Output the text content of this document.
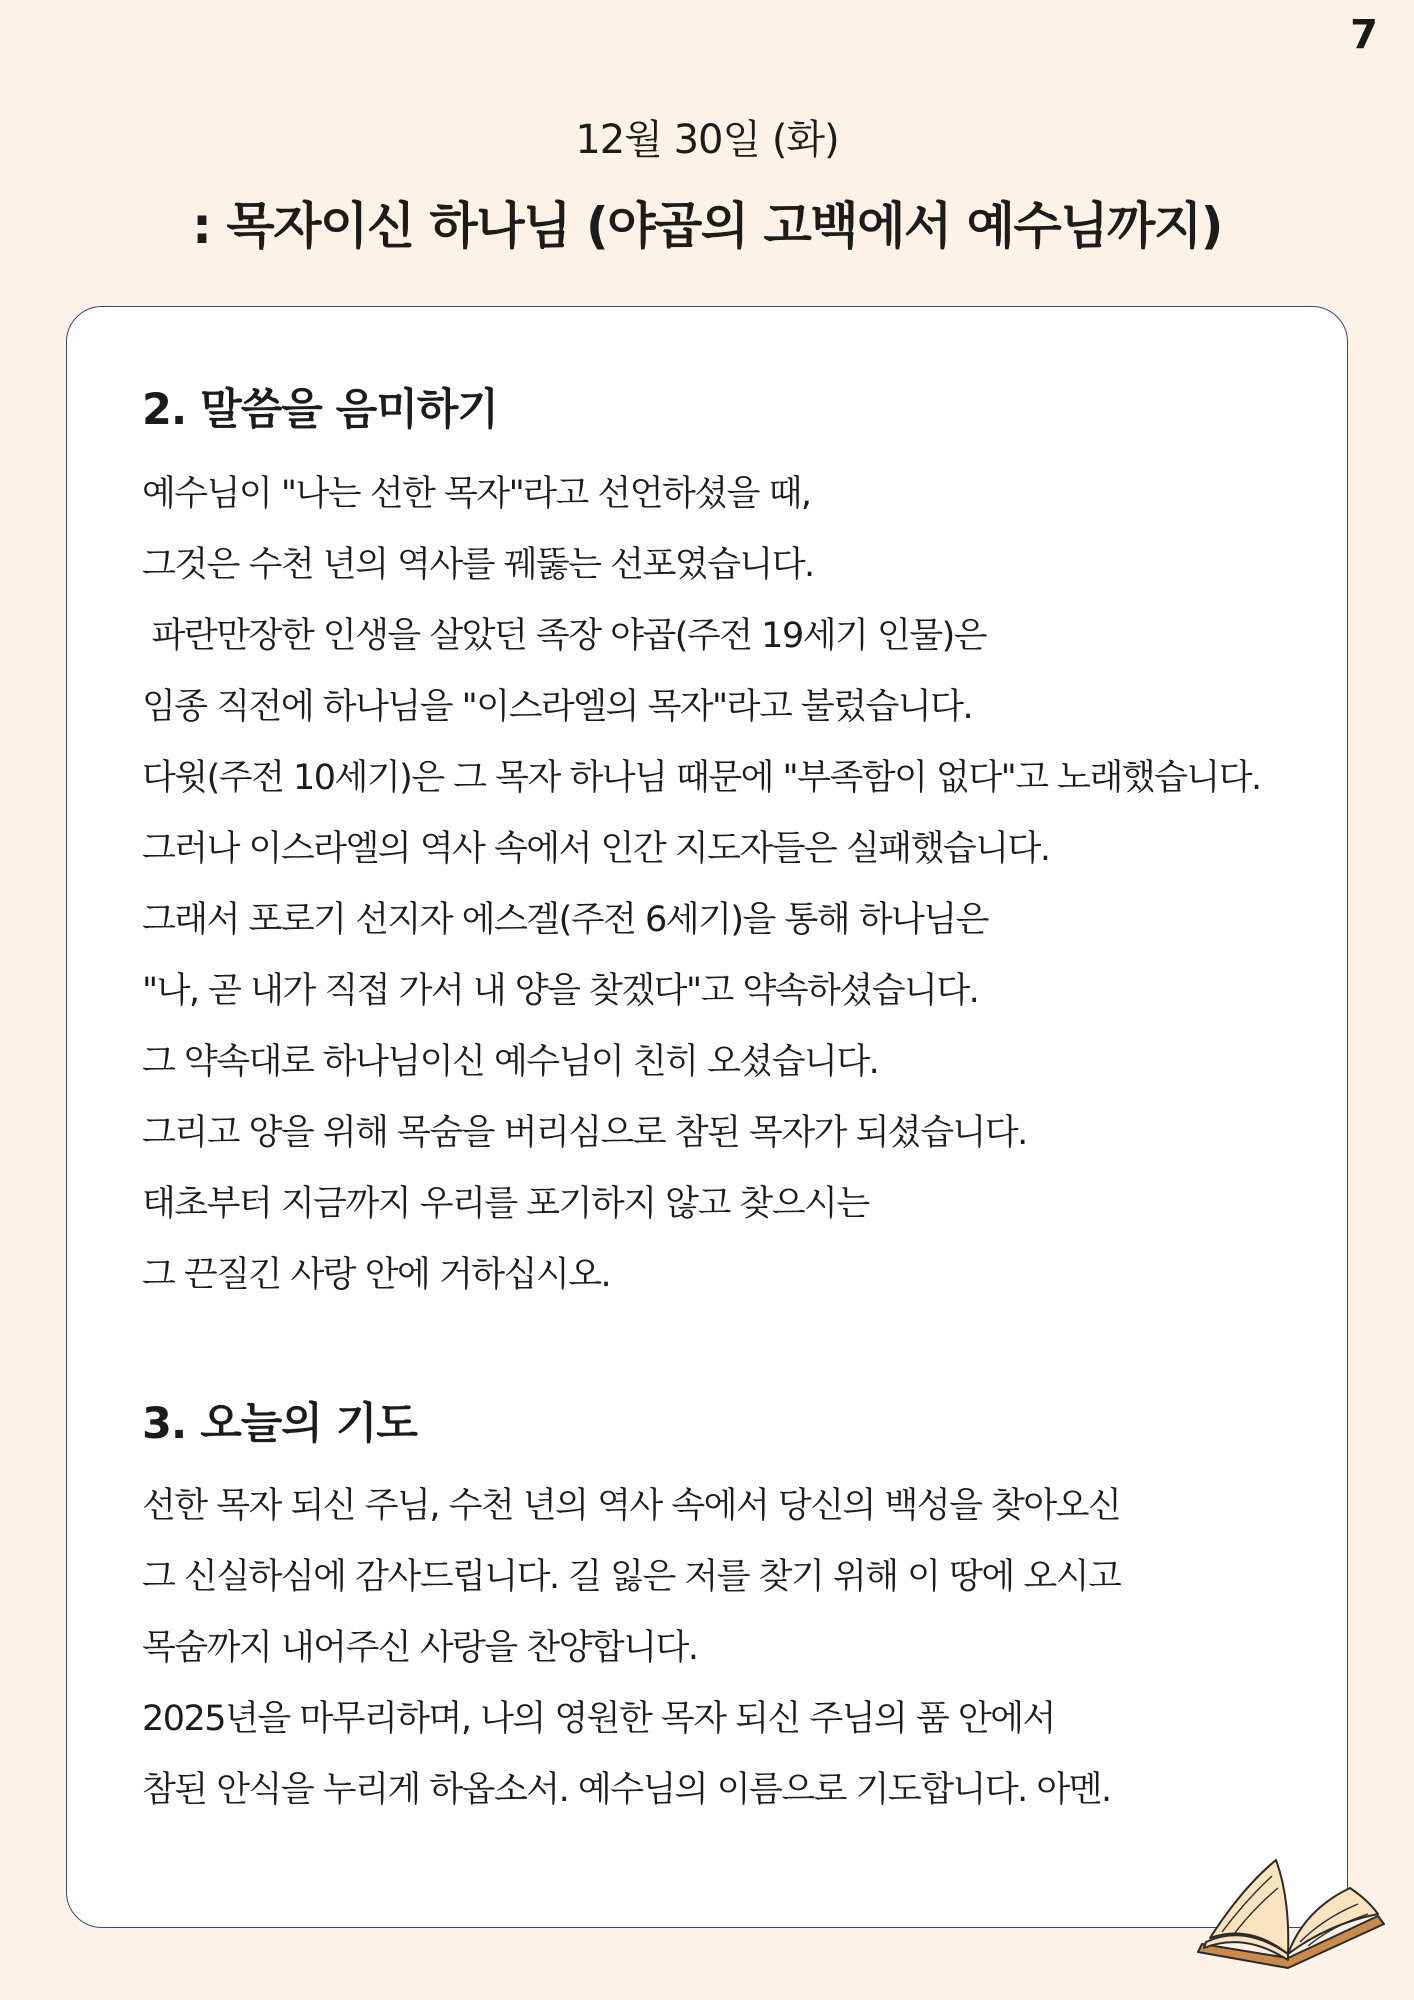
7
12월 30일 (화)
: 목자이신 하나님 (야곱의 고백에서 예수님까지)
2. 말씀을 음미하기
예수님이 "나는 선한 목자"라고 선언하셨을 때,
그것은 수천 년의 역사를 꿰뚫는 선포였습니다.
파란만장한 인생을 살았던 족장 야곱(주전 19세기 인물)은
임종 직전에 하나님을 "이스라엘의 목자"라고 불렀습니다.
다윗(주전 10세기)은 그 목자 하나님 때문에 "부족함이 없다"고 노래했습니다.
그러나 이스라엘의 역사 속에서 인간 지도자들은 실패했습니다.
그래서 포로기 선지자 에스겔(주전 6세기)을 통해 하나님은
"나, 곧 내가 직접 가서 내 양을 찾겠다"고 약속하셨습니다.
그 약속대로 하나님이신 예수님이 친히 오셨습니다.
그리고 양을 위해 목숨을 버리심으로 참된 목자가 되셨습니다.
태초부터 지금까지 우리를 포기하지 않고 찾으시는
그 끈질긴 사랑 안에 거하십시오.
3. 오늘의 기도
선한 목자 되신 주님, 수천 년의 역사 속에서 당신의 백성을 찾아오신
그 신실하심에 감사드립니다. 길 잃은 저를 찾기 위해 이 땅에 오시고
목숨까지 내어주신 사랑을 찬양합니다.
2025년을 마무리하며, 나의 영원한 목자 되신 주님의 품 안에서
참된 안식을 누리게 하옵소서. 예수님의 이름으로 기도합니다. 아멘.
